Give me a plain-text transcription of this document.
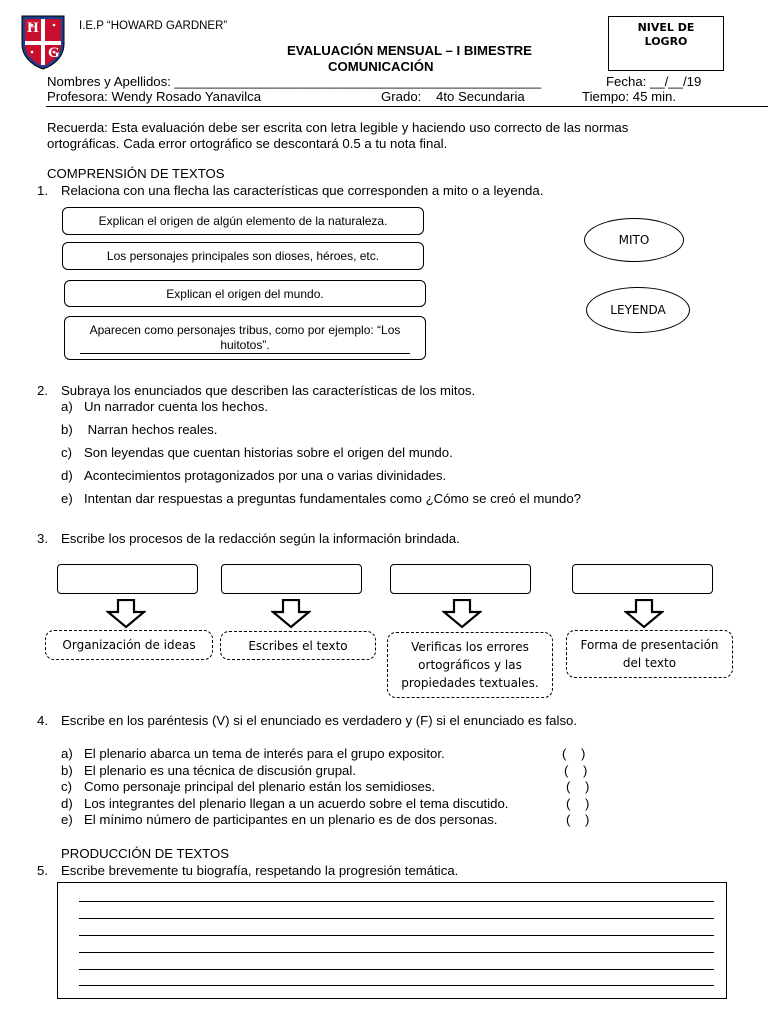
H
G
I.E.P “HOWARD GARDNER”
EVALUACIÓN MENSUAL – I BIMESTRE
COMUNICACIÓN
NIVEL DE
LOGRO
Nombres y Apellidos: __________________________________________________	Fecha: __/__/19
Profesora: Wendy Rosado Yanavilca	Grado: 4to Secundaria	Tiempo: 45 min.
Recuerda: Esta evaluación debe ser escrita con letra legible y haciendo uso correcto de las normas
ortográficas. Cada error ortográfico se descontará 0.5 a tu nota final.
COMPRENSIÓN DE TEXTOS
1. Relaciona con una flecha las características que corresponden a mito o a leyenda.
Explican el origen de algún elemento de la naturaleza.
Los personajes principales son dioses, héroes, etc.
Explican el origen del mundo.
Aparecen como personajes tribus, como por ejemplo: “Los huitotos”.
MITO
LEYENDA
2. Subraya los enunciados que describen las características de los mitos.
a) Un narrador cuenta los hechos.
b) Narran hechos reales.
c) Son leyendas que cuentan historias sobre el origen del mundo.
d) Acontecimientos protagonizados por una o varias divinidades.
e) Intentan dar respuestas a preguntas fundamentales como ¿Cómo se creó el mundo?
3. Escribe los procesos de la redacción según la información brindada.
Organización de ideas	Escribes el texto	Verificas los errores ortográficos y las propiedades textuales.
Forma de presentación del texto
4. Escribe en los paréntesis (V) si el enunciado es verdadero y (F) si el enunciado es falso.
a) El plenario abarca un tema de interés para el grupo expositor.	(    )
b) El plenario es una técnica de discusión grupal.	(    )
c) Como personaje principal del plenario están los semidioses.	(    )
d) Los integrantes del plenario llegan a un acuerdo sobre el tema discutido.	(    )
e) El mínimo número de participantes en un plenario es de dos personas.	(    )
PRODUCCIÓN DE TEXTOS
5. Escribe brevemente tu biografía, respetando la progresión temática.
